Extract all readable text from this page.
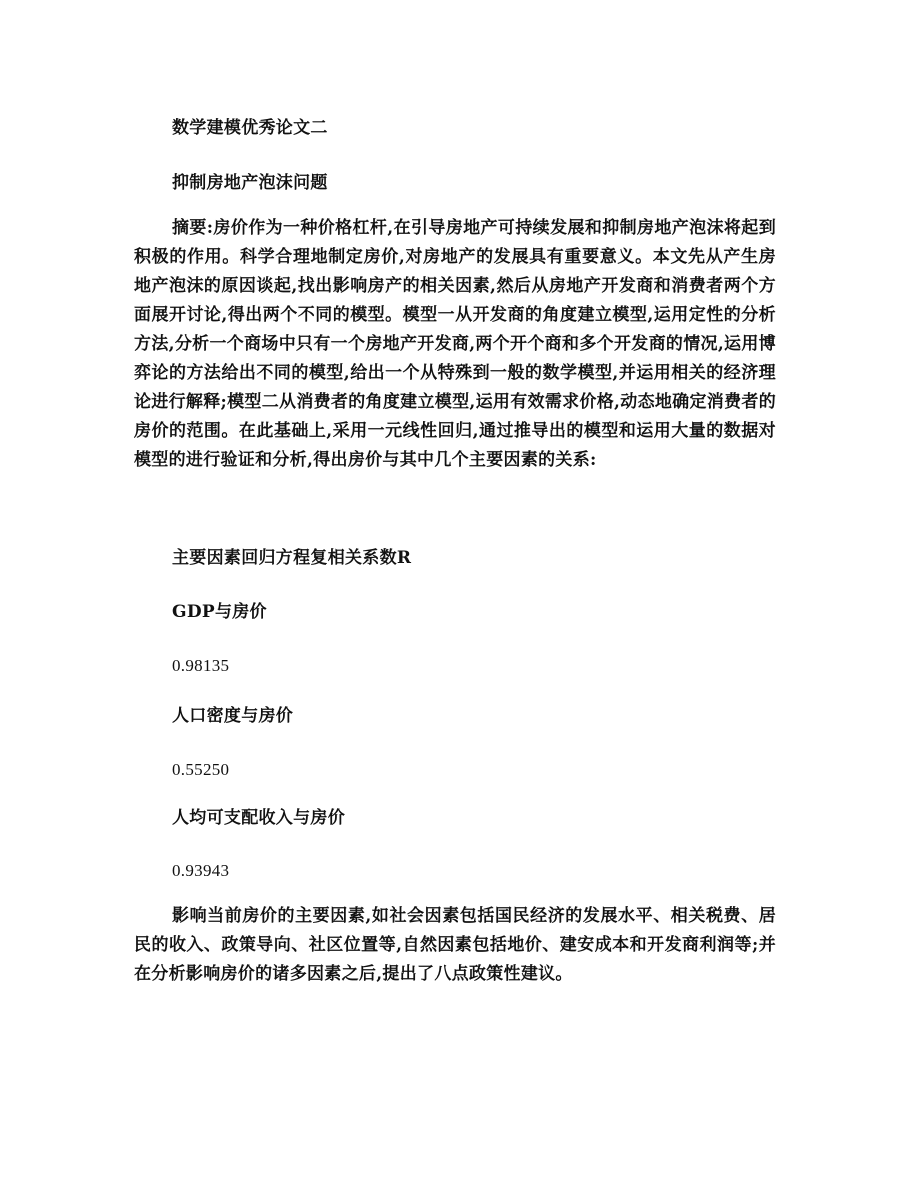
数学建模优秀论文二
抑制房地产泡沫问题
摘要:房价作为一种价格杠杆,在引导房地产可持续发展和抑制房地产泡沫将起到积极的作用。科学合理地制定房价,对房地产的发展具有重要意义。本文先从产生房地产泡沫的原因谈起,找出影响房产的相关因素,然后从房地产开发商和消费者两个方面展开讨论,得出两个不同的模型。模型一从开发商的角度建立模型,运用定性的分析方法,分析一个商场中只有一个房地产开发商,两个开个商和多个开发商的情况,运用博弈论的方法给出不同的模型,给出一个从特殊到一般的数学模型,并运用相关的经济理论进行解释;模型二从消费者的角度建立模型,运用有效需求价格,动态地确定消费者的房价的范围。在此基础上,采用一元线性回归,通过推导出的模型和运用大量的数据对模型的进行验证和分析,得出房价与其中几个主要因素的关系:
主要因素回归方程复相关系数R
GDP与房价
0.98135
人口密度与房价
0.55250
人均可支配收入与房价
0.93943
影响当前房价的主要因素,如社会因素包括国民经济的发展水平、相关税费、居民的收入、政策导向、社区位置等,自然因素包括地价、建安成本和开发商利润等;并在分析影响房价的诸多因素之后,提出了八点政策性建议。
